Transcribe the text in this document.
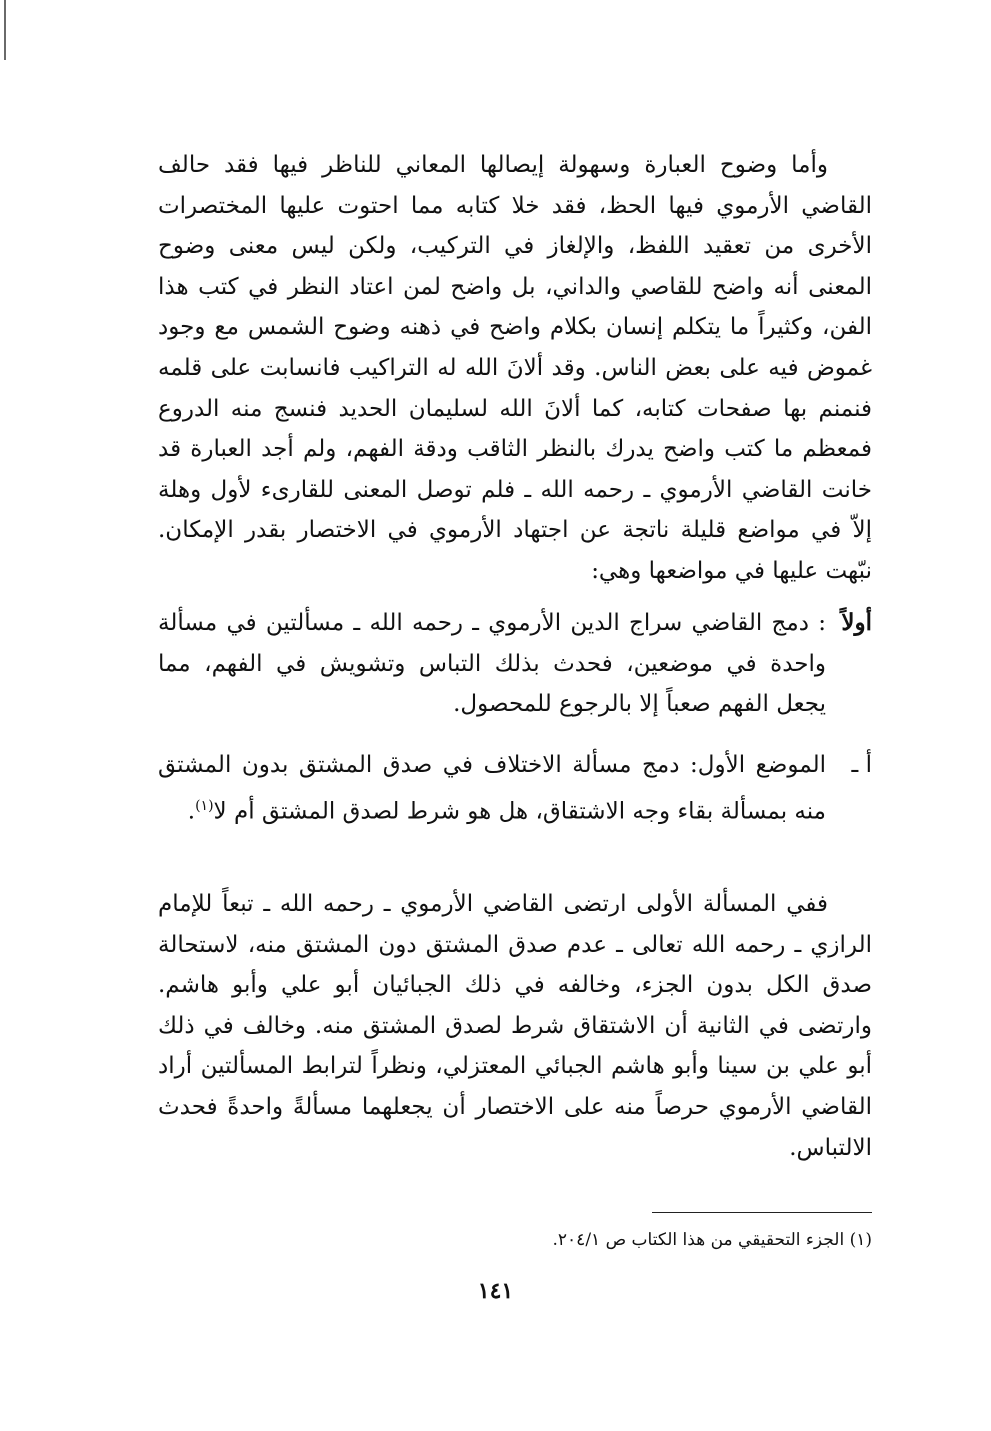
وأما وضوح العبارة وسهولة إيصالها المعاني للناظر فيها فقد حالف القاضي الأرموي فيها الحظ، فقد خلا كتابه مما احتوت عليها المختصرات الأخرى من تعقيد اللفظ، والإلغاز في التركيب، ولكن ليس معنى وضوح المعنى أنه واضح للقاصي والداني، بل واضح لمن اعتاد النظر في كتب هذا الفن، وكثيراً ما يتكلم إنسان بكلام واضح في ذهنه وضوح الشمس مع وجود غموض فيه على بعض الناس. وقد ألانَ الله له التراكيب فانسابت على قلمه فنمنم بها صفحات كتابه، كما ألانَ الله لسليمان الحديد فنسج منه الدروع فمعظم ما كتب واضح يدرك بالنظر الثاقب ودقة الفهم، ولم أجد العبارة قد خانت القاضي الأرموي ـ رحمه الله ـ فلم توصل المعنى للقارىء لأول وهلة إلاّ في مواضع قليلة ناتجة عن اجتهاد الأرموي في الاختصار بقدر الإمكان. نبّهت عليها في مواضعها وهي:
أولاً
: دمج القاضي سراج الدين الأرموي ـ رحمه الله ـ مسألتين في مسألة واحدة في موضعين، فحدث بذلك التباس وتشويش في الفهم، مما يجعل الفهم صعباً إلا بالرجوع للمحصول.
أ ـ
الموضع الأول: دمج مسألة الاختلاف في صدق المشتق بدون المشتق منه بمسألة بقاء وجه الاشتقاق، هل هو شرط لصدق المشتق أم لا$^{(١)}$.
ففي المسألة الأولى ارتضى القاضي الأرموي ـ رحمه الله ـ تبعاً للإمام الرازي ـ رحمه الله تعالى ـ عدم صدق المشتق دون المشتق منه، لاستحالة صدق الكل بدون الجزء، وخالفه في ذلك الجبائيان أبو علي وأبو هاشم. وارتضى في الثانية أن الاشتقاق شرط لصدق المشتق منه. وخالف في ذلك أبو علي بن سينا وأبو هاشم الجبائي المعتزلي، ونظراً لترابط المسألتين أراد القاضي الأرموي حرصاً منه على الاختصار أن يجعلهما مسألةً واحدةً فحدث الالتباس.
(١) الجزء التحقيقي من هذا الكتاب ص ٢٠٤/١.
١٤١
